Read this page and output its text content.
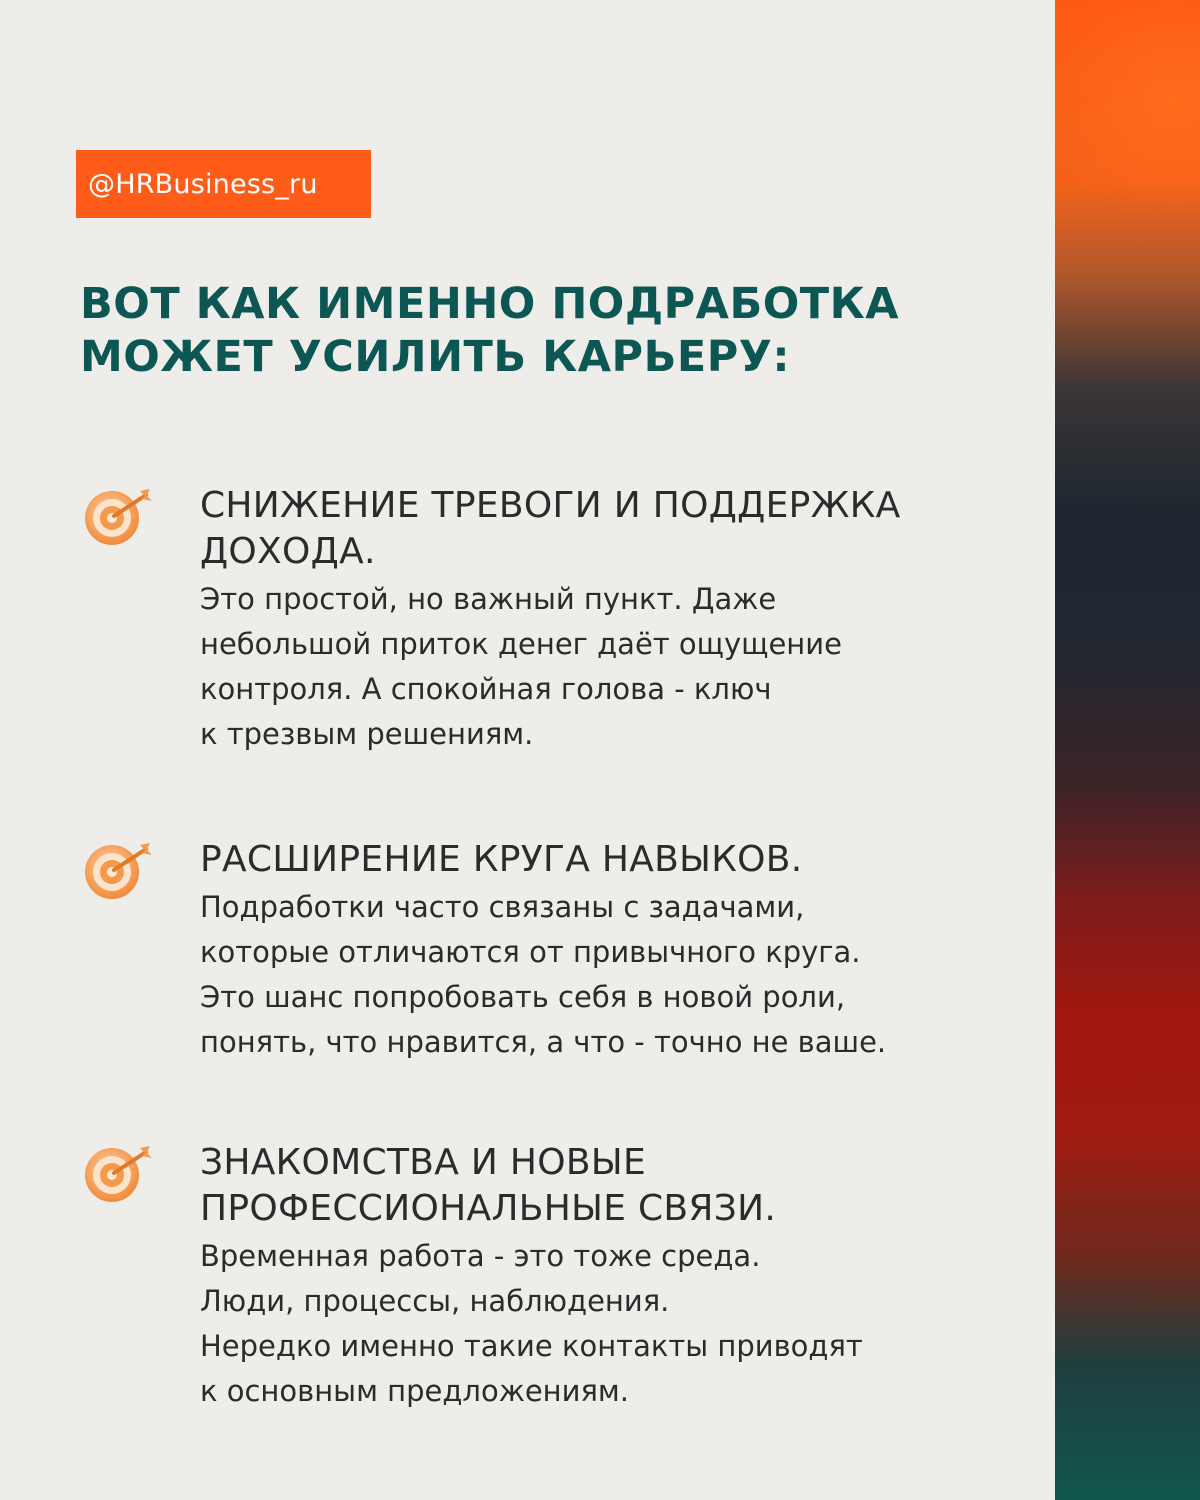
@HRBusiness_ru
ВОТ КАК ИМЕННО ПОДРАБОТКА МОЖЕТ УСИЛИТЬ КАРЬЕРУ:
СНИЖЕНИЕ ТРЕВОГИ И ПОДДЕРЖКА ДОХОДА.
Это простой, но важный пункт. Даже
небольшой приток денег даёт ощущение
контроля. А спокойная голова - ключ
к трезвым решениям.
РАСШИРЕНИЕ КРУГА НАВЫКОВ.
Подработки часто связаны с задачами,
которые отличаются от привычного круга.
Это шанс попробовать себя в новой роли,
понять, что нравится, а что - точно не ваше.
ЗНАКОМСТВА И НОВЫЕ ПРОФЕССИОНАЛЬНЫЕ СВЯЗИ.
Временная работа - это тоже среда.
Люди, процессы, наблюдения.
Нередко именно такие контакты приводят
к основным предложениям.
